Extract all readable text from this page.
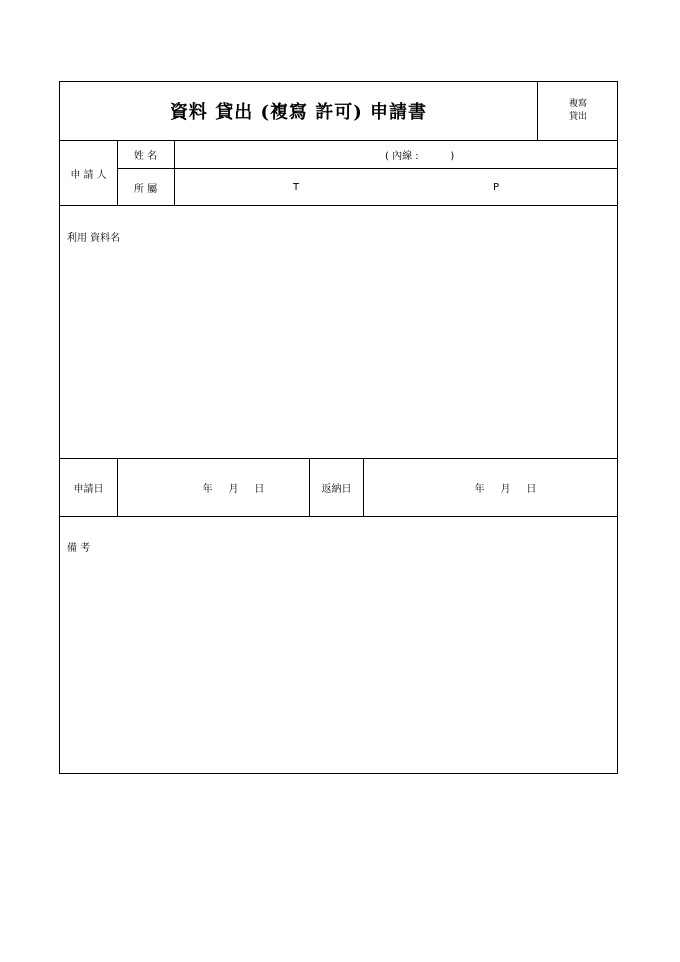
資料 貸出 (複寫 許可) 申請書	複寫
貸出
申 請 人
姓 名	( 內線 :          )
所 屬	T	P
利用 資料名
申請日	年     月     日	返納日	年     月     日
備 考
